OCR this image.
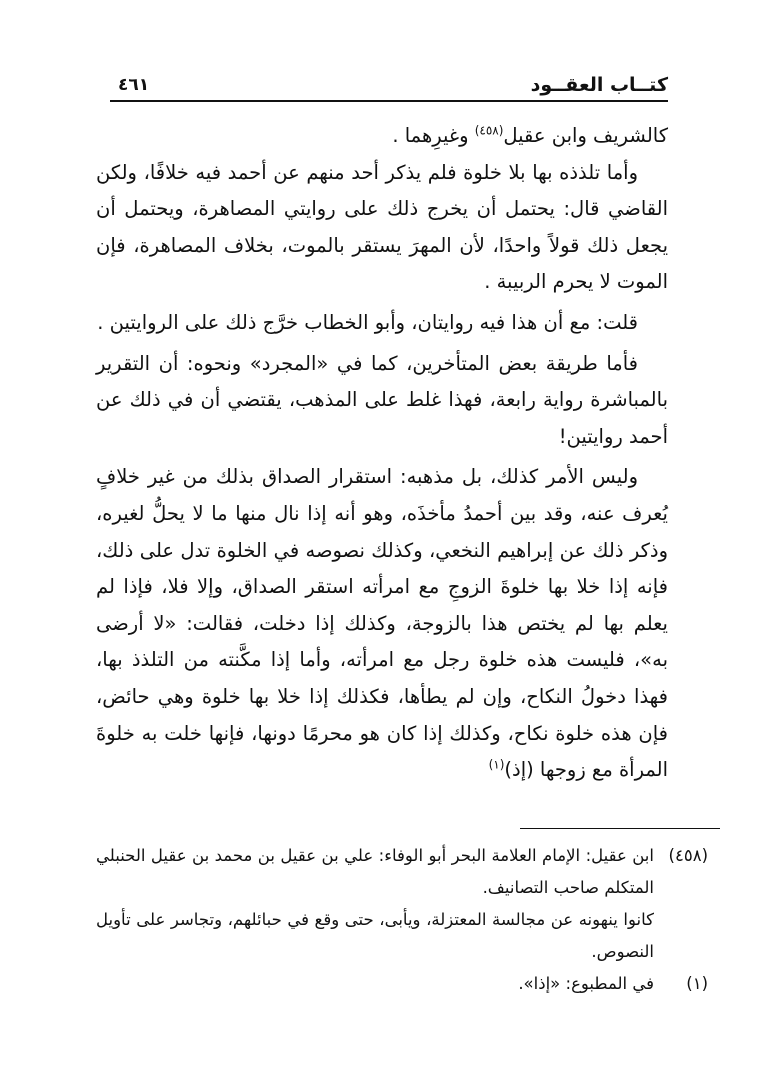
كتــاب العقــود
٤٦١

كالشريف وابن عقيل$^{(٤٥٨)}$ وغيرِهما .

وأما تلذذه بها بلا خلوة فلم يذكر أحد منهم عن أحمد فيه خلافًا، ولكن القاضي قال: يحتمل أن يخرج ذلك على روايتي المصاهرة، ويحتمل أن يجعل ذلك قولاً واحدًا، لأن المهرَ يستقر بالموت، بخلاف المصاهرة، فإن الموت لا يحرم الربيبة .

قلت: مع أن هذا فيه روايتان، وأبو الخطاب خرَّج ذلك على الروايتين .

فأما طريقة بعض المتأخرين، كما في «المجرد» ونحوه: أن التقرير بالمباشرة رواية رابعة، فهذا غلط على المذهب، يقتضي أن في ذلك عن أحمد روايتين!

وليس الأمر كذلك، بل مذهبه: استقرار الصداق بذلك من غير خلافٍ يُعرف عنه، وقد بين أحمدُ مأخذَه، وهو أنه إذا نال منها ما لا يحلُّ لغيره، وذكر ذلك عن إبراهيم النخعي، وكذلك نصوصه في الخلوة تدل على ذلك، فإنه إذا خلا بها خلوةَ الزوجِ مع امرأته استقر الصداق، وإلا فلا، فإذا لم يعلم بها لم يختص هذا بالزوجة، وكذلك إذا دخلت، فقالت: «لا أرضى به»، فليست هذه خلوة رجل مع امرأته، وأما إذا مكَّنته من التلذذ بها، فهذا دخولُ النكاح، وإن لم يطأها، فكذلك إذا خلا بها خلوة وهي حائض، فإن هذه خلوة نكاح، وكذلك إذا كان هو محرمًا دونها، فإنها خلت به خلوةَ المرأة مع زوجها (إذ)$^{(١)}$

(٤٥٨)
ابن عقيل: الإمام العلامة البحر أبو الوفاء: علي بن عقيل بن محمد بن عقيل الحنبلي المتكلم صاحب التصانيف.

كانوا ينهونه عن مجالسة المعتزلة، ويأبى، حتى وقع في حبائلهم، وتجاسر على تأويل النصوص.

(١)
في المطبوع: «إذا».
